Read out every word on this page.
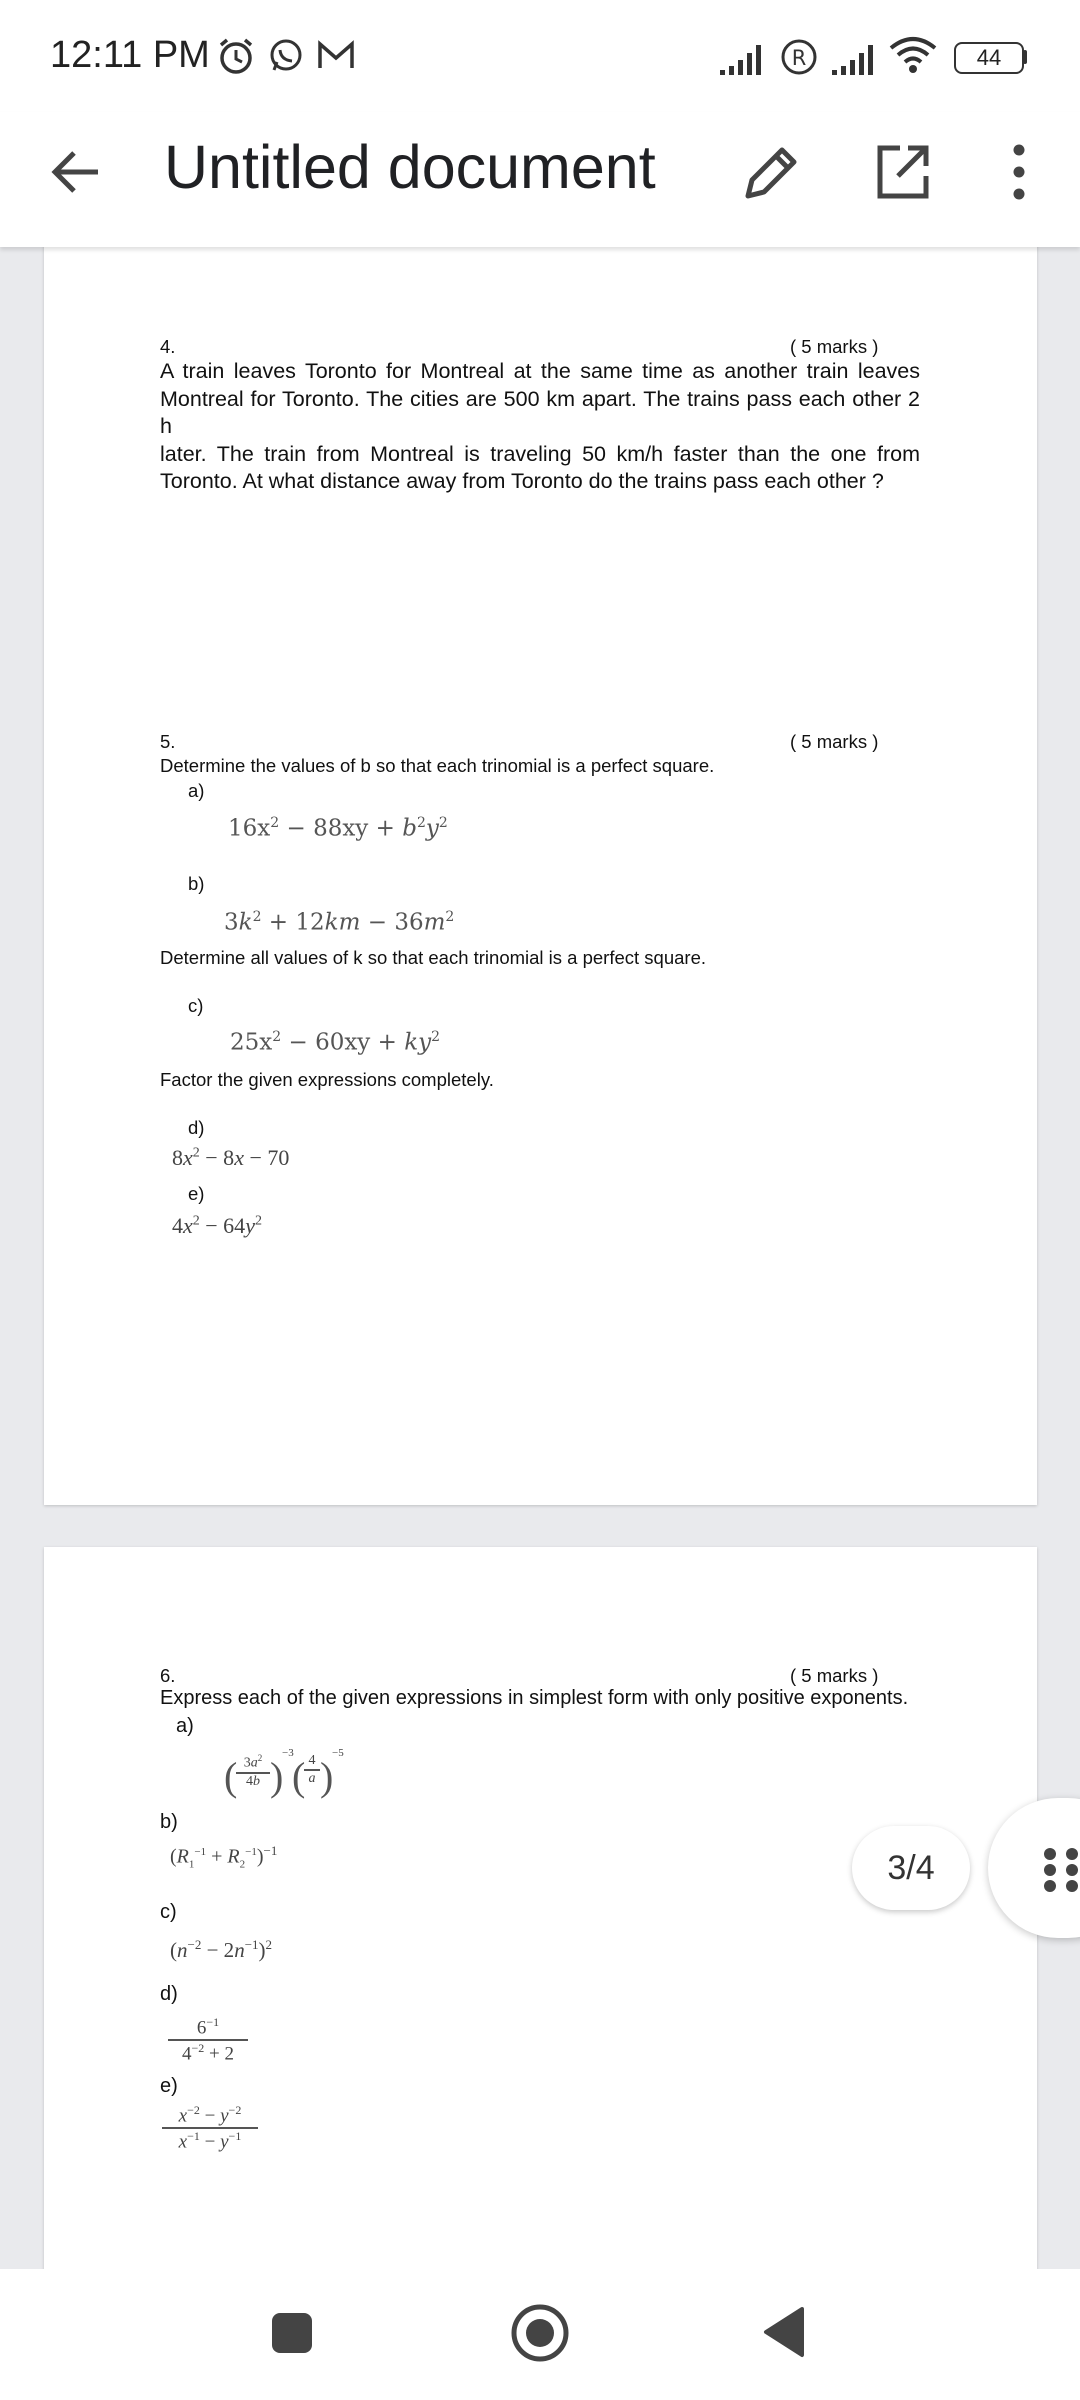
12:11 PM	R	44
Untitled document
4.	( 5 marks )
A train leaves Toronto for Montreal at the same time as another train leaves
Montreal for Toronto. The cities are 500 km apart. The trains pass each other 2 h
later. The train from Montreal is traveling 50 km/h faster than the one from
Toronto. At what distance away from Toronto do the trains pass each other ?
5.	( 5 marks )
Determine the values of b so that each trinomial is a perfect square.
a)
$16x^2 - 88xy + b^2y^2$
b)
$3k^2 + 12km - 36m^2$
Determine all values of k so that each trinomial is a perfect square.
c)
$25x^2 - 60xy + ky^2$
Factor the given expressions completely.
d)
$8x^2 - 8x - 70$
e)
$4x^2 - 64y^2$
6.	( 5 marks )
Express each of the given expressions in simplest form with only positive exponents.
a)
( $3a^2$
4b )
−3
( 4
a )
−5
b)
$(R_1^{-1} + R_2^{-1})^{-1}$
c)
$(n^{-2} - 2n^{-1})^2$
d)
$6^{-1}$
$4^{-2} + 2$
e)
$x^{-2} - y^{-2}$
$x^{-1} - y^{-1}$
3/4
